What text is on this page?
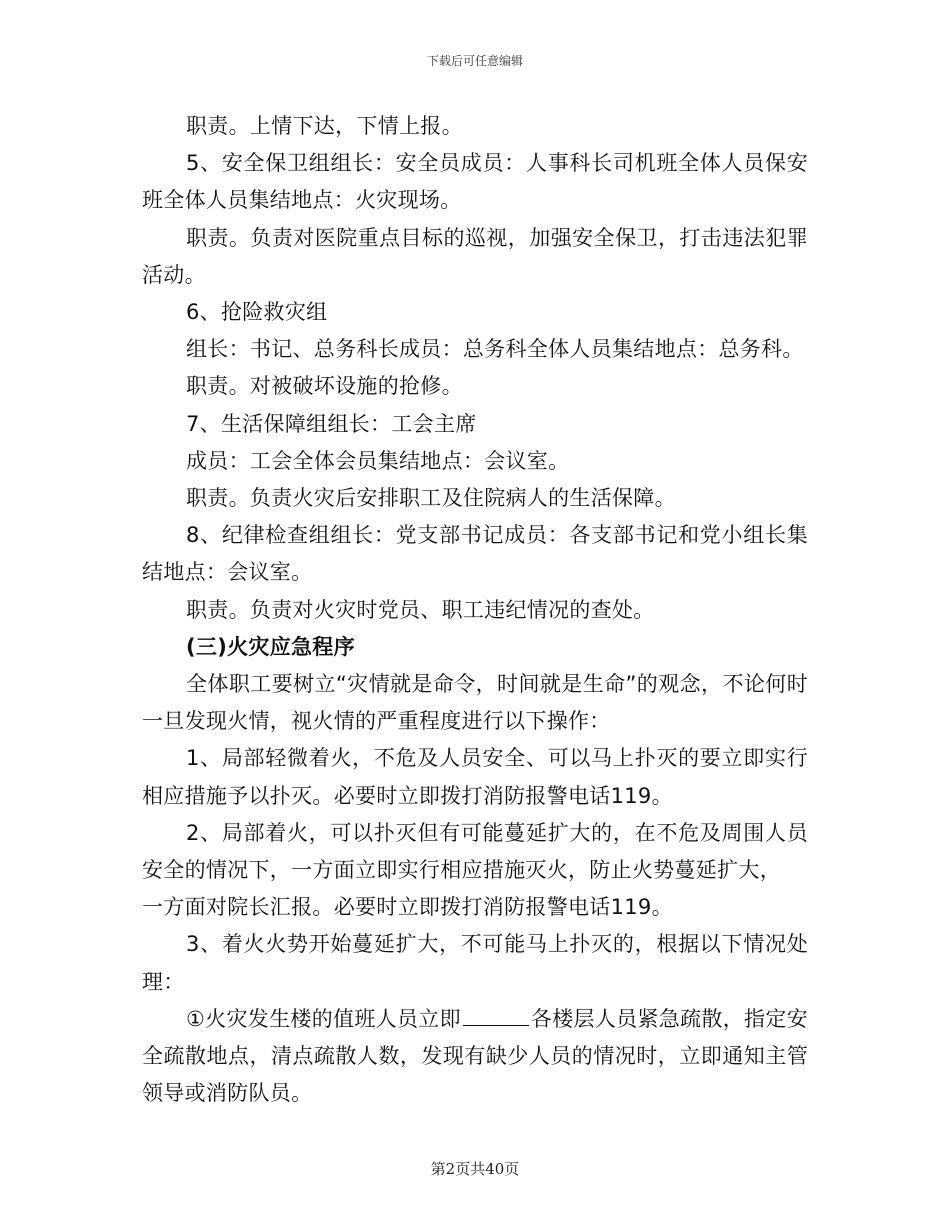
下载后可任意编辑

职责。上情下达，下情上报。

5、安全保卫组组长：安全员成员：人事科长司机班全体人员保安班全体人员集结地点：火灾现场。

职责。负责对医院重点目标的巡视，加强安全保卫，打击违法犯罪活动。

6、抢险救灾组

组长：书记、总务科长成员：总务科全体人员集结地点：总务科。

职责。对被破坏设施的抢修。

7、生活保障组组长：工会主席

成员：工会全体会员集结地点：会议室。

职责。负责火灾后安排职工及住院病人的生活保障。

8、纪律检查组组长：党支部书记成员：各支部书记和党小组长集结地点：会议室。

职责。负责对火灾时党员、职工违纪情况的查处。

(三)火灾应急程序

全体职工要树立“灾情就是命令，时间就是生命”的观念，不论何时一旦发现火情，视火情的严重程度进行以下操作：

1、局部轻微着火，不危及人员安全、可以马上扑灭的要立即实行相应措施予以扑灭。必要时立即拨打消防报警电话119。

2、局部着火，可以扑灭但有可能蔓延扩大的，在不危及周围人员安全的情况下，一方面立即实行相应措施灭火，防止火势蔓延扩大，

一方面对院长汇报。必要时立即拨打消防报警电话119。

3、着火火势开始蔓延扩大，不可能马上扑灭的，根据以下情况处理：

①火灾发生楼的值班人员立即	各楼层人员紧急疏散，指定安全疏散地点，清点疏散人数，发现有缺少人员的情况时，立即通知主管领导或消防队员。

第2页共40页
